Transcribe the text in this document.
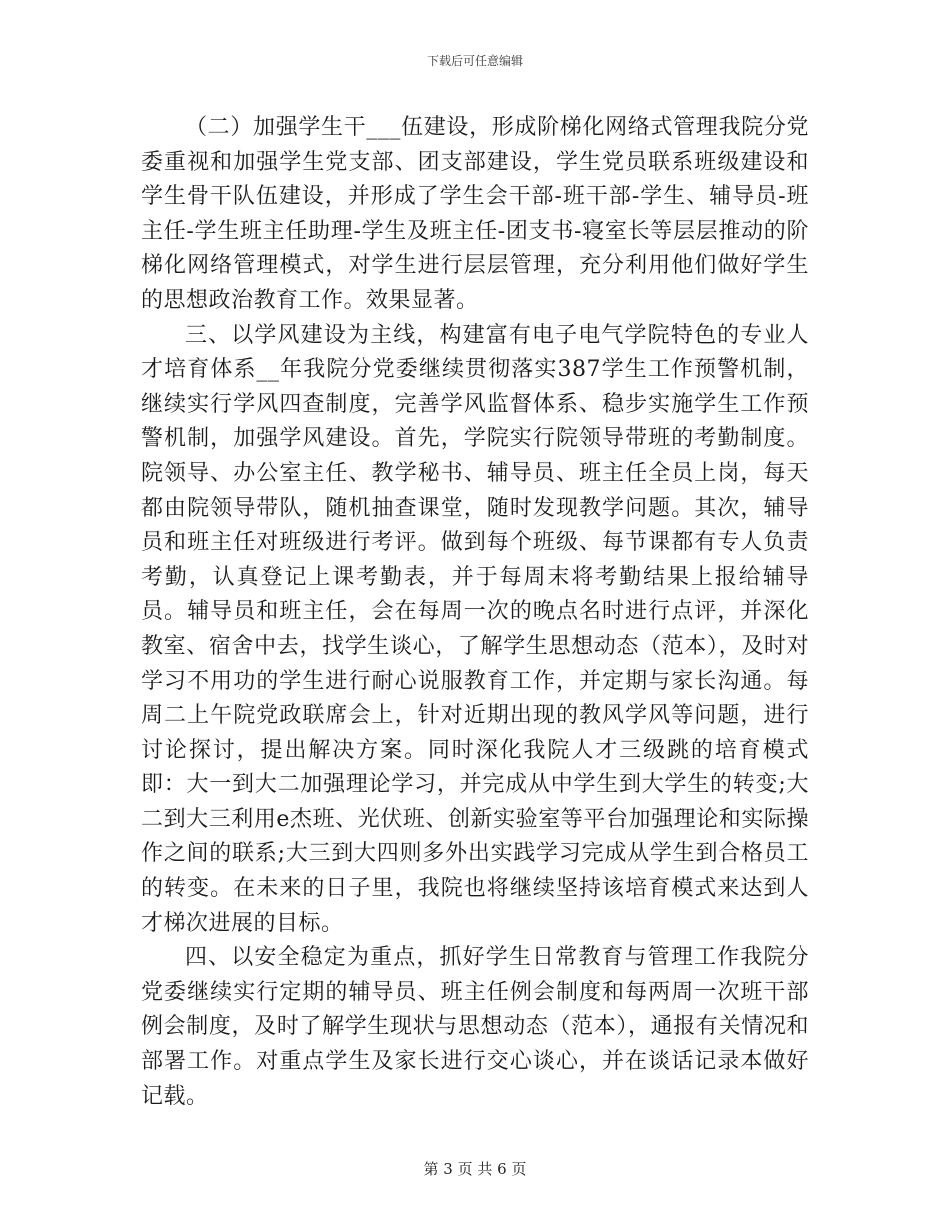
下载后可任意编辑

（二）加强学生干___伍建设，形成阶梯化网络式管理我院分党委重视和加强学生党支部、团支部建设，学生党员联系班级建设和学生骨干队伍建设，并形成了学生会干部-班干部-学生、辅导员-班主任-学生班主任助理-学生及班主任-团支书-寝室长等层层推动的阶梯化网络管理模式，对学生进行层层管理，充分利用他们做好学生的思想政治教育工作。效果显著。

三、以学风建设为主线，构建富有电子电气学院特色的专业人才培育体系__年我院分党委继续贯彻落实387学生工作预警机制，继续实行学风四查制度，完善学风监督体系、稳步实施学生工作预警机制，加强学风建设。首先，学院实行院领导带班的考勤制度。院领导、办公室主任、教学秘书、辅导员、班主任全员上岗，每天都由院领导带队，随机抽查课堂，随时发现教学问题。其次，辅导员和班主任对班级进行考评。做到每个班级、每节课都有专人负责考勤，认真登记上课考勤表，并于每周末将考勤结果上报给辅导员。辅导员和班主任，会在每周一次的晚点名时进行点评，并深化教室、宿舍中去，找学生谈心，了解学生思想动态（范本），及时对学习不用功的学生进行耐心说服教育工作，并定期与家长沟通。每周二上午院党政联席会上，针对近期出现的教风学风等问题，进行讨论探讨，提出解决方案。同时深化我院人才三级跳的培育模式即：大一到大二加强理论学习，并完成从中学生到大学生的转变;大二到大三利用e杰班、光伏班、创新实验室等平台加强理论和实际操作之间的联系;大三到大四则多外出实践学习完成从学生到合格员工的转变。在未来的日子里，我院也将继续坚持该培育模式来达到人才梯次进展的目标。

四、以安全稳定为重点，抓好学生日常教育与管理工作我院分党委继续实行定期的辅导员、班主任例会制度和每两周一次班干部例会制度，及时了解学生现状与思想动态（范本），通报有关情况和部署工作。对重点学生及家长进行交心谈心，并在谈话记录本做好记载。

第 3 页 共 6 页
